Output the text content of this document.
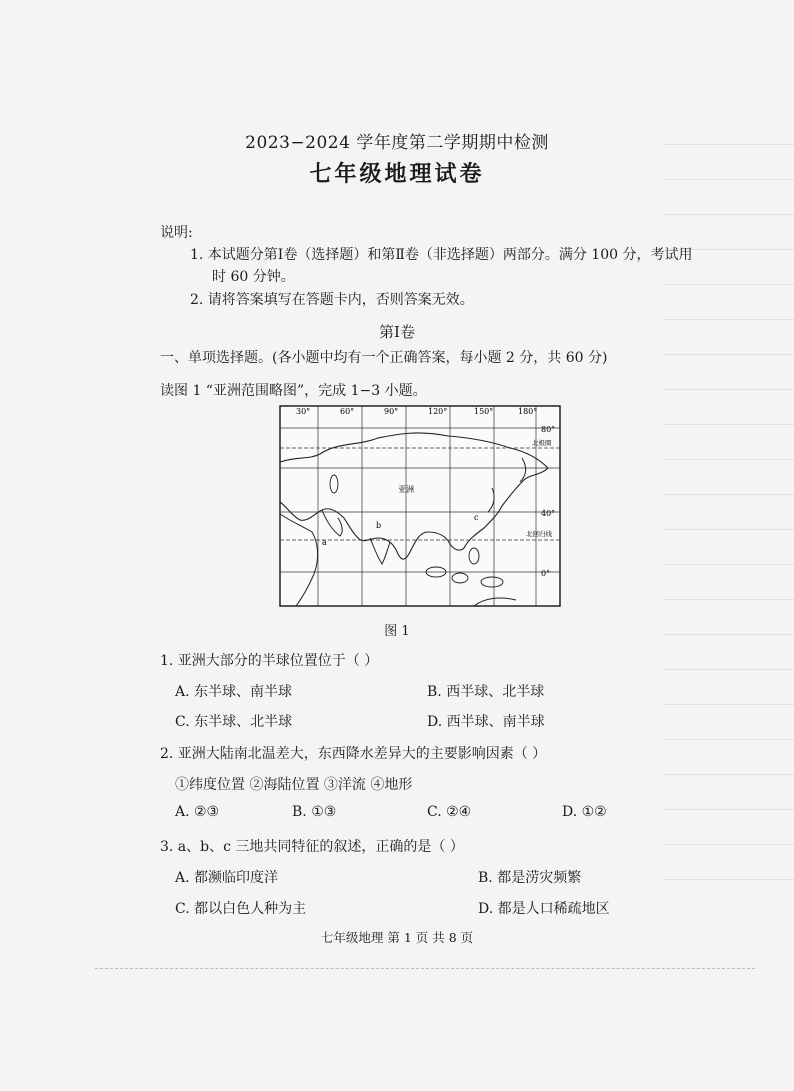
2023−2024 学年度第二学期期中检测
七年级地理试卷
说明:
1. 本试题分第Ⅰ卷（选择题）和第Ⅱ卷（非选择题）两部分。满分 100 分，考试用
时 60 分钟。
2. 请将答案填写在答题卡内，否则答案无效。
第Ⅰ卷
一、单项选择题。(各小题中均有一个正确答案，每小题 2 分，共 60 分)
读图 1 “亚洲范围略图”，完成 1−3 小题。
30°	60°	90°	120°	150°	180°
80°
北极圈
40°
北回归线
0°
亚洲
a
b
c
图 1
1. 亚洲大部分的半球位置位于（ ）
A. 东半球、南半球	B. 西半球、北半球
C. 东半球、北半球	D. 西半球、南半球
2. 亚洲大陆南北温差大，东西降水差异大的主要影响因素（ ）
①纬度位置 ②海陆位置 ③洋流 ④地形
A. ②③	B. ①③	C. ②④	D. ①②
3. a、b、c 三地共同特征的叙述，正确的是（ ）
A. 都濒临印度洋	B. 都是涝灾频繁
C. 都以白色人种为主	D. 都是人口稀疏地区
七年级地理 第 1 页 共 8 页
